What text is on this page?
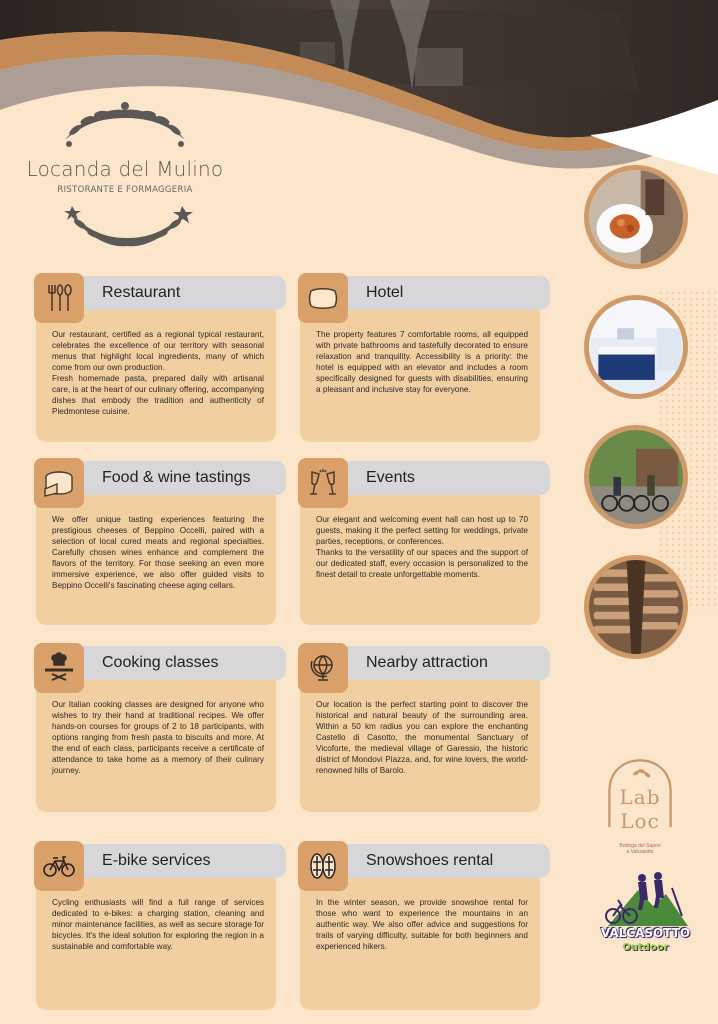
Locanda del Mulino
RISTORANTE E FORMAGGERIA
Restaurant
Our restaurant, certified as a regional typical restaurant, celebrates the excellence of our territory with seasonal menus that highlight local ingredients, many of which come from our own production.
Fresh homemade pasta, prepared daily with artisanal care, is at the heart of our culinary offering, accompanying dishes that embody the tradition and authenticity of Piedmontese cuisine.
Hotel
The property features 7 comfortable rooms, all equipped with private bathrooms and tastefully decorated to ensure relaxation and tranquility. Accessibility is a priority: the hotel is equipped with an elevator and includes a room specifically designed for guests with disabilities, ensuring a pleasant and inclusive stay for everyone.
Food & wine tastings
We offer unique tasting experiences featuring the prestigious cheeses of Beppino Occelli, paired with a selection of local cured meats and regional specialties. Carefully chosen wines enhance and complement the flavors of the territory. For those seeking an even more immersive experience, we also offer guided visits to Beppino Occelli's fascinating cheese aging cellars.
Events
Our elegant and welcoming event hall can host up to 70 guests, making it the perfect setting for weddings, private parties, receptions, or conferences.
Thanks to the versatility of our spaces and the support of our dedicated staff, every occasion is personalized to the finest detail to create unforgettable moments.
Cooking classes
Our Italian cooking classes are designed for anyone who wishes to try their hand at traditional recipes. We offer hands-on courses for groups of 2 to 18 participants, with options ranging from fresh pasta to biscuits and more. At the end of each class, participants receive a certificate of attendance to take home as a memory of their culinary journey.
Nearby attraction
Our location is the perfect starting point to discover the historical and natural beauty of the surrounding area. Within a 50 km radius you can explore the enchanting Castello di Casotto, the monumental Sanctuary of Vicoforte, the medieval village of Garessio, the historic district of Mondovi Piazza, and, for wine lovers, the world-renowned hills of Barolo.
E-bike services
Cycling enthusiasts will find a full range of services dedicated to e-bikes: a charging station, cleaning and minor maintenance facilities, as well as secure storage for bicycles. It's the ideal solution for exploring the region in a sustainable and comfortable way.
Snowshoes rental
In the winter season, we provide snowshoe rental for those who want to experience the mountains in an authentic way. We also offer advice and suggestions for trails of varying difficulty, suitable for both beginners and experienced hikers.
Lab
Loc
Bottega dei Sapori
a Valcasotto
VALCASOTTO
Outdoor
